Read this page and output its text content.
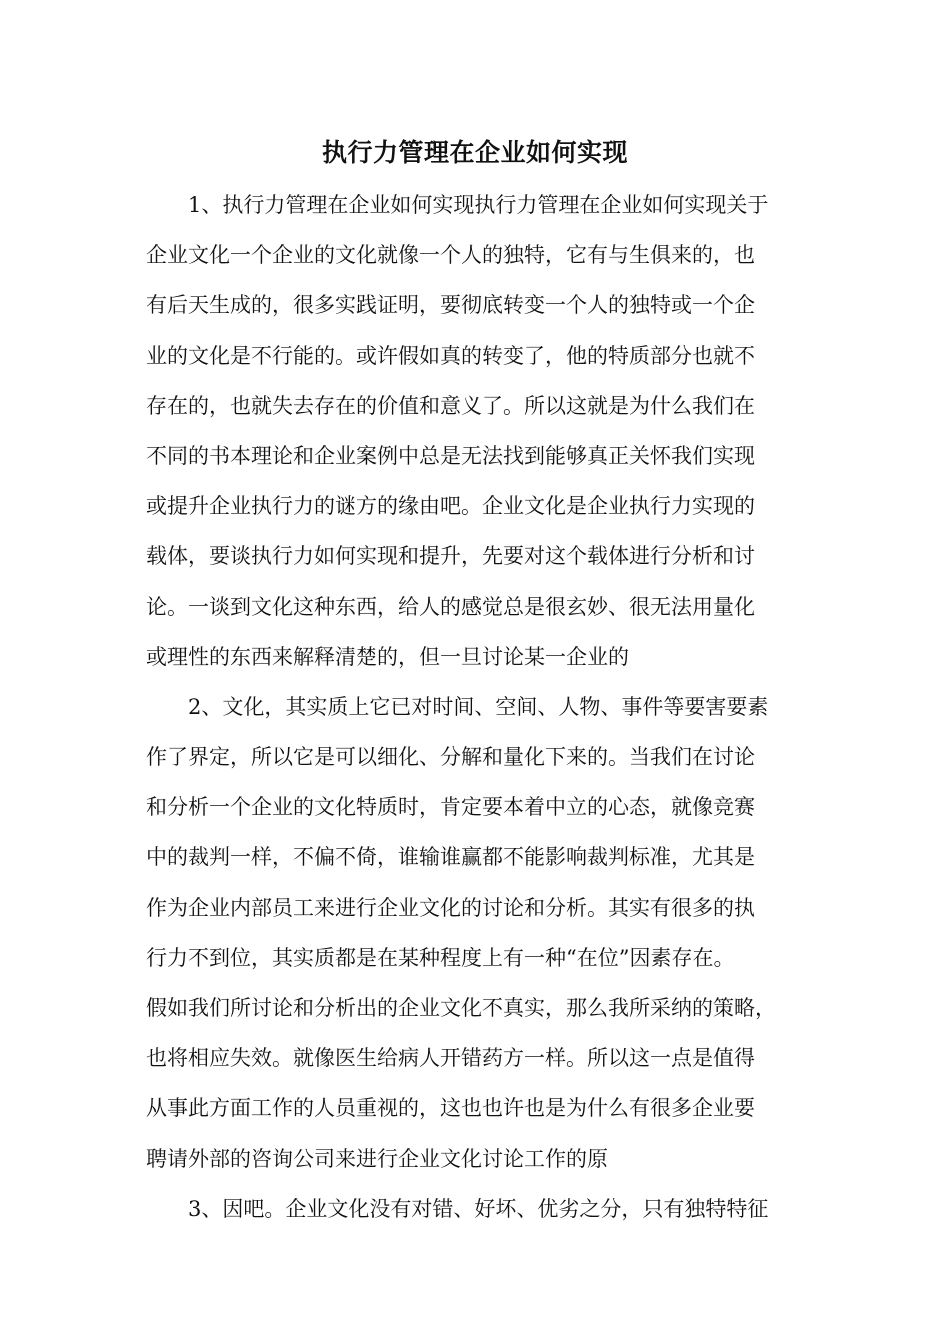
执行力管理在企业如何实现

1、执行力管理在企业如何实现执行力管理在企业如何实现关于
企业文化一个企业的文化就像一个人的独特，它有与生俱来的，也
有后天生成的，很多实践证明，要彻底转变一个人的独特或一个企
业的文化是不行能的。或许假如真的转变了，他的特质部分也就不
存在的，也就失去存在的价值和意义了。所以这就是为什么我们在
不同的书本理论和企业案例中总是无法找到能够真正关怀我们实现
或提升企业执行力的谜方的缘由吧。企业文化是企业执行力实现的
载体，要谈执行力如何实现和提升，先要对这个载体进行分析和讨
论。一谈到文化这种东西，给人的感觉总是很玄妙、很无法用量化
或理性的东西来解释清楚的，但一旦讨论某一企业的

2、文化，其实质上它已对时间、空间、人物、事件等要害要素
作了界定，所以它是可以细化、分解和量化下来的。当我们在讨论
和分析一个企业的文化特质时，肯定要本着中立的心态，就像竞赛
中的裁判一样，不偏不倚，谁输谁赢都不能影响裁判标准，尤其是
作为企业内部员工来进行企业文化的讨论和分析。其实有很多的执
行力不到位，其实质都是在某种程度上有一种“在位”因素存在。
假如我们所讨论和分析出的企业文化不真实，那么我所采纳的策略，
也将相应失效。就像医生给病人开错药方一样。所以这一点是值得
从事此方面工作的人员重视的，这也也许也是为什么有很多企业要
聘请外部的咨询公司来进行企业文化讨论工作的原

3、因吧。企业文化没有对错、好坏、优劣之分，只有独特特征
